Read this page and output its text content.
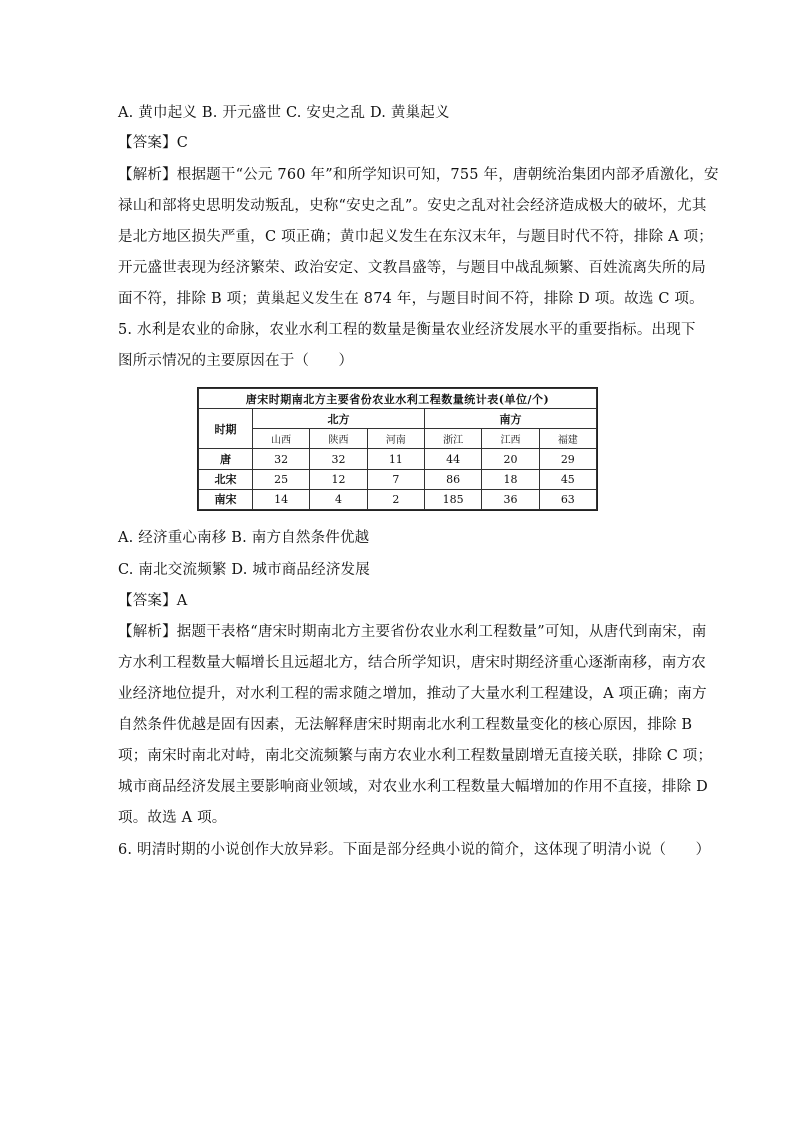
A. 黄巾起义 B. 开元盛世 C. 安史之乱 D. 黄巢起义
【答案】C
【解析】根据题干“公元 760 年”和所学知识可知，755 年，唐朝统治集团内部矛盾激化，安
禄山和部将史思明发动叛乱，史称“安史之乱”。安史之乱对社会经济造成极大的破坏，尤其
是北方地区损失严重，C 项正确；黄巾起义发生在东汉末年，与题目时代不符，排除 A 项；
开元盛世表现为经济繁荣、政治安定、文教昌盛等，与题目中战乱频繁、百姓流离失所的局
面不符，排除 B 项；黄巢起义发生在 874 年，与题目时间不符，排除 D 项。故选 C 项。
5. 水利是农业的命脉，农业水利工程的数量是衡量农业经济发展水平的重要指标。出现下
图所示情况的主要原因在于（　　）
唐宋时期南北方主要省份农业水利工程数量统计表(单位/个)						
时期	北方			南方		
	山西	陕西	河南	浙江	江西	福建
唐	32	32	11	44	20	29
北宋	25	12	7	86	18	45
南宋	14	4	2	185	36	63
A. 经济重心南移 B. 南方自然条件优越
C. 南北交流频繁 D. 城市商品经济发展
【答案】A
【解析】据题干表格“唐宋时期南北方主要省份农业水利工程数量”可知，从唐代到南宋，南
方水利工程数量大幅增长且远超北方，结合所学知识，唐宋时期经济重心逐渐南移，南方农
业经济地位提升，对水利工程的需求随之增加，推动了大量水利工程建设，A 项正确；南方
自然条件优越是固有因素，无法解释唐宋时期南北水利工程数量变化的核心原因，排除 B
项；南宋时南北对峙，南北交流频繁与南方农业水利工程数量剧增无直接关联，排除 C 项；
城市商品经济发展主要影响商业领域，对农业水利工程数量大幅增加的作用不直接，排除 D
项。故选 A 项。
6. 明清时期的小说创作大放异彩。下面是部分经典小说的简介，这体现了明清小说（　　）
